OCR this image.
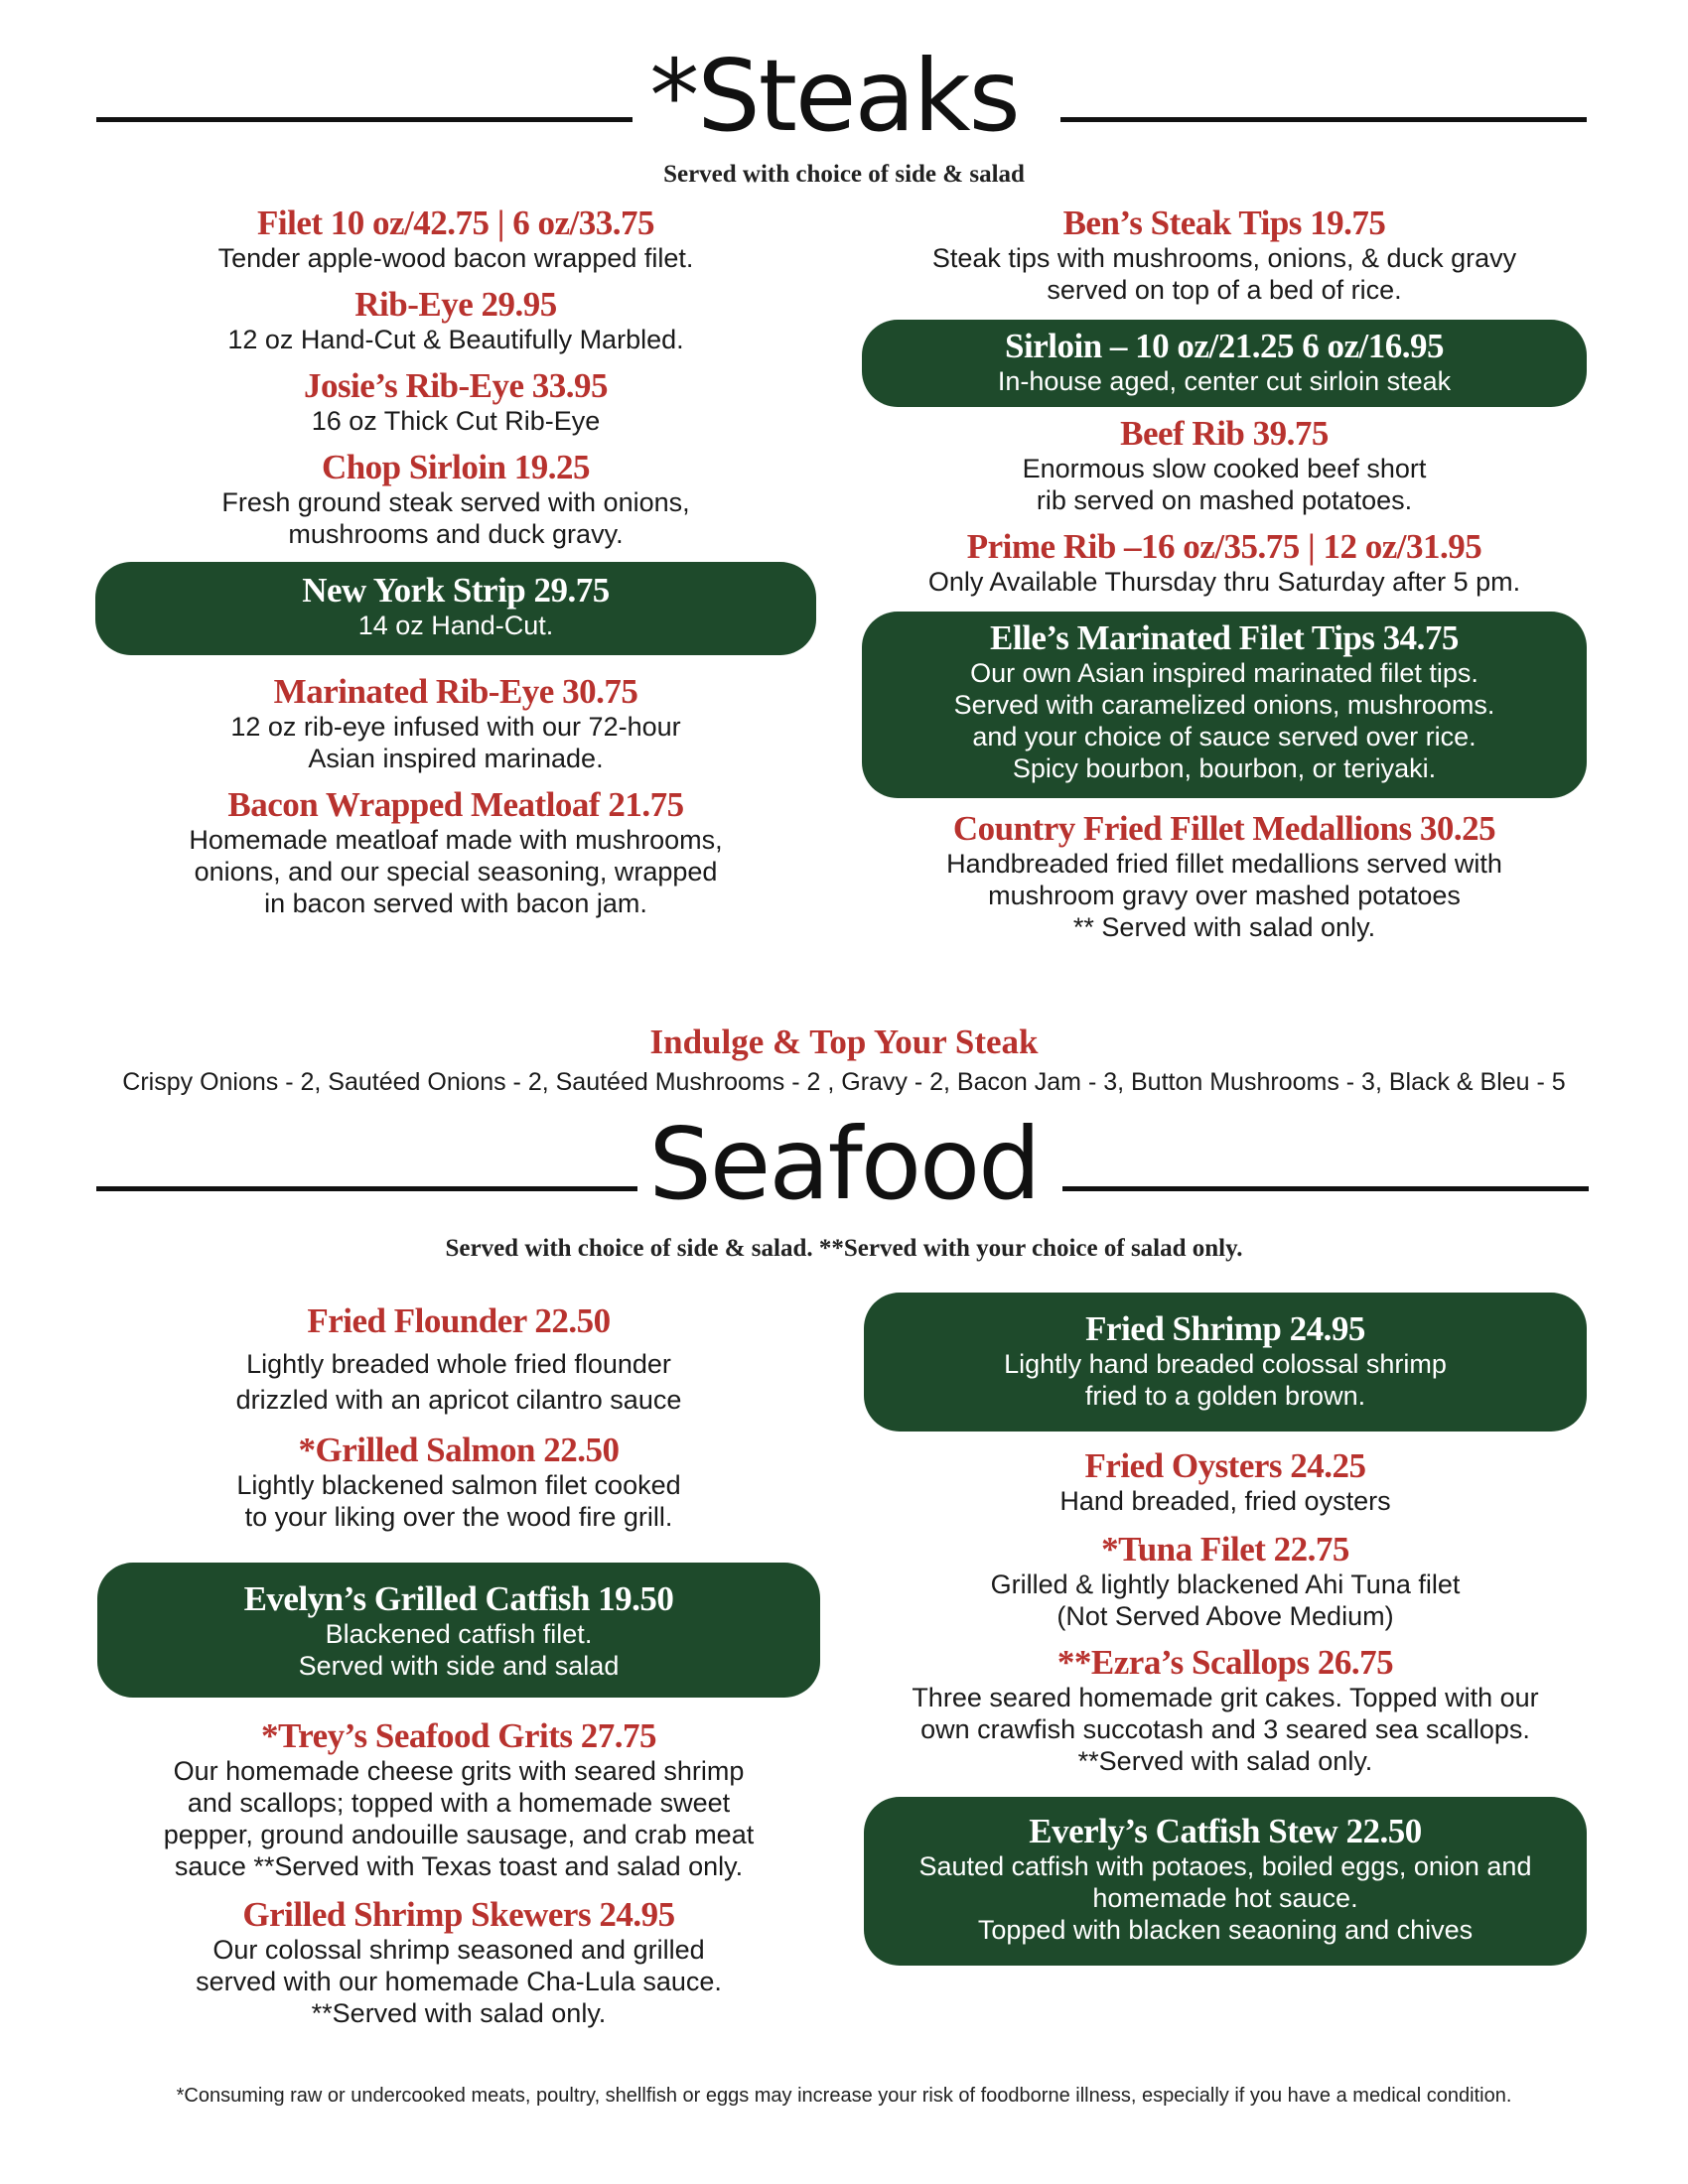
*Steaks
Served with choice of side & salad
Filet 10 oz/42.75 | 6 oz/33.75
Tender apple-wood bacon wrapped filet.
Rib-Eye 29.95
12 oz Hand-Cut & Beautifully Marbled.
Josie’s Rib-Eye 33.95
16 oz Thick Cut Rib-Eye
Chop Sirloin 19.25
Fresh ground steak served with onions,
mushrooms and duck gravy.
New York Strip 29.75
14 oz Hand-Cut.
Marinated Rib-Eye 30.75
12 oz rib-eye infused with our 72-hour
Asian inspired marinade.
Bacon Wrapped Meatloaf 21.75
Homemade meatloaf made with mushrooms,
onions, and our special seasoning, wrapped
in bacon served with bacon jam.
Ben’s Steak Tips 19.75
Steak tips with mushrooms, onions, & duck gravy
served on top of a bed of rice.
Sirloin – 10 oz/21.25 6 oz/16.95
In-house aged, center cut sirloin steak
Beef Rib 39.75
Enormous slow cooked beef short
rib served on mashed potatoes.
Prime Rib –16 oz/35.75 | 12 oz/31.95
Only Available Thursday thru Saturday after 5 pm.
Elle’s Marinated Filet Tips 34.75
Our own Asian inspired marinated filet tips.
Served with caramelized onions, mushrooms.
and your choice of sauce served over rice.
Spicy bourbon, bourbon, or teriyaki.
Country Fried Fillet Medallions 30.25
Handbreaded fried fillet medallions served with
mushroom gravy over mashed potatoes
** Served with salad only.
Indulge & Top Your Steak
Crispy Onions - 2, Sautéed Onions - 2, Sautéed Mushrooms - 2 , Gravy - 2, Bacon Jam - 3, Button Mushrooms - 3, Black & Bleu - 5
Seafood
Served with choice of side & salad. **Served with your choice of salad only.
Fried Flounder 22.50
Lightly breaded whole fried flounder
drizzled with an apricot cilantro sauce
*Grilled Salmon 22.50
Lightly blackened salmon filet cooked
to your liking over the wood fire grill.
Evelyn’s Grilled Catfish 19.50
Blackened catfish filet.
Served with side and salad
*Trey’s Seafood Grits 27.75
Our homemade cheese grits with seared shrimp
and scallops; topped with a homemade sweet
pepper, ground andouille sausage, and crab meat
sauce **Served with Texas toast and salad only.
Grilled Shrimp Skewers 24.95
Our colossal shrimp seasoned and grilled
served with our homemade Cha-Lula sauce.
**Served with salad only.
Fried Shrimp 24.95
Lightly hand breaded colossal shrimp
fried to a golden brown.
Fried Oysters 24.25
Hand breaded, fried oysters
*Tuna Filet 22.75
Grilled & lightly blackened Ahi Tuna filet
(Not Served Above Medium)
**Ezra’s Scallops 26.75
Three seared homemade grit cakes. Topped with our
own crawfish succotash and 3 seared sea scallops.
**Served with salad only.
Everly’s Catfish Stew 22.50
Sauted catfish with potaoes, boiled eggs, onion and
homemade hot sauce.
Topped with blacken seaoning and chives
*Consuming raw or undercooked meats, poultry, shellfish or eggs may increase your risk of foodborne illness, especially if you have a medical condition.
